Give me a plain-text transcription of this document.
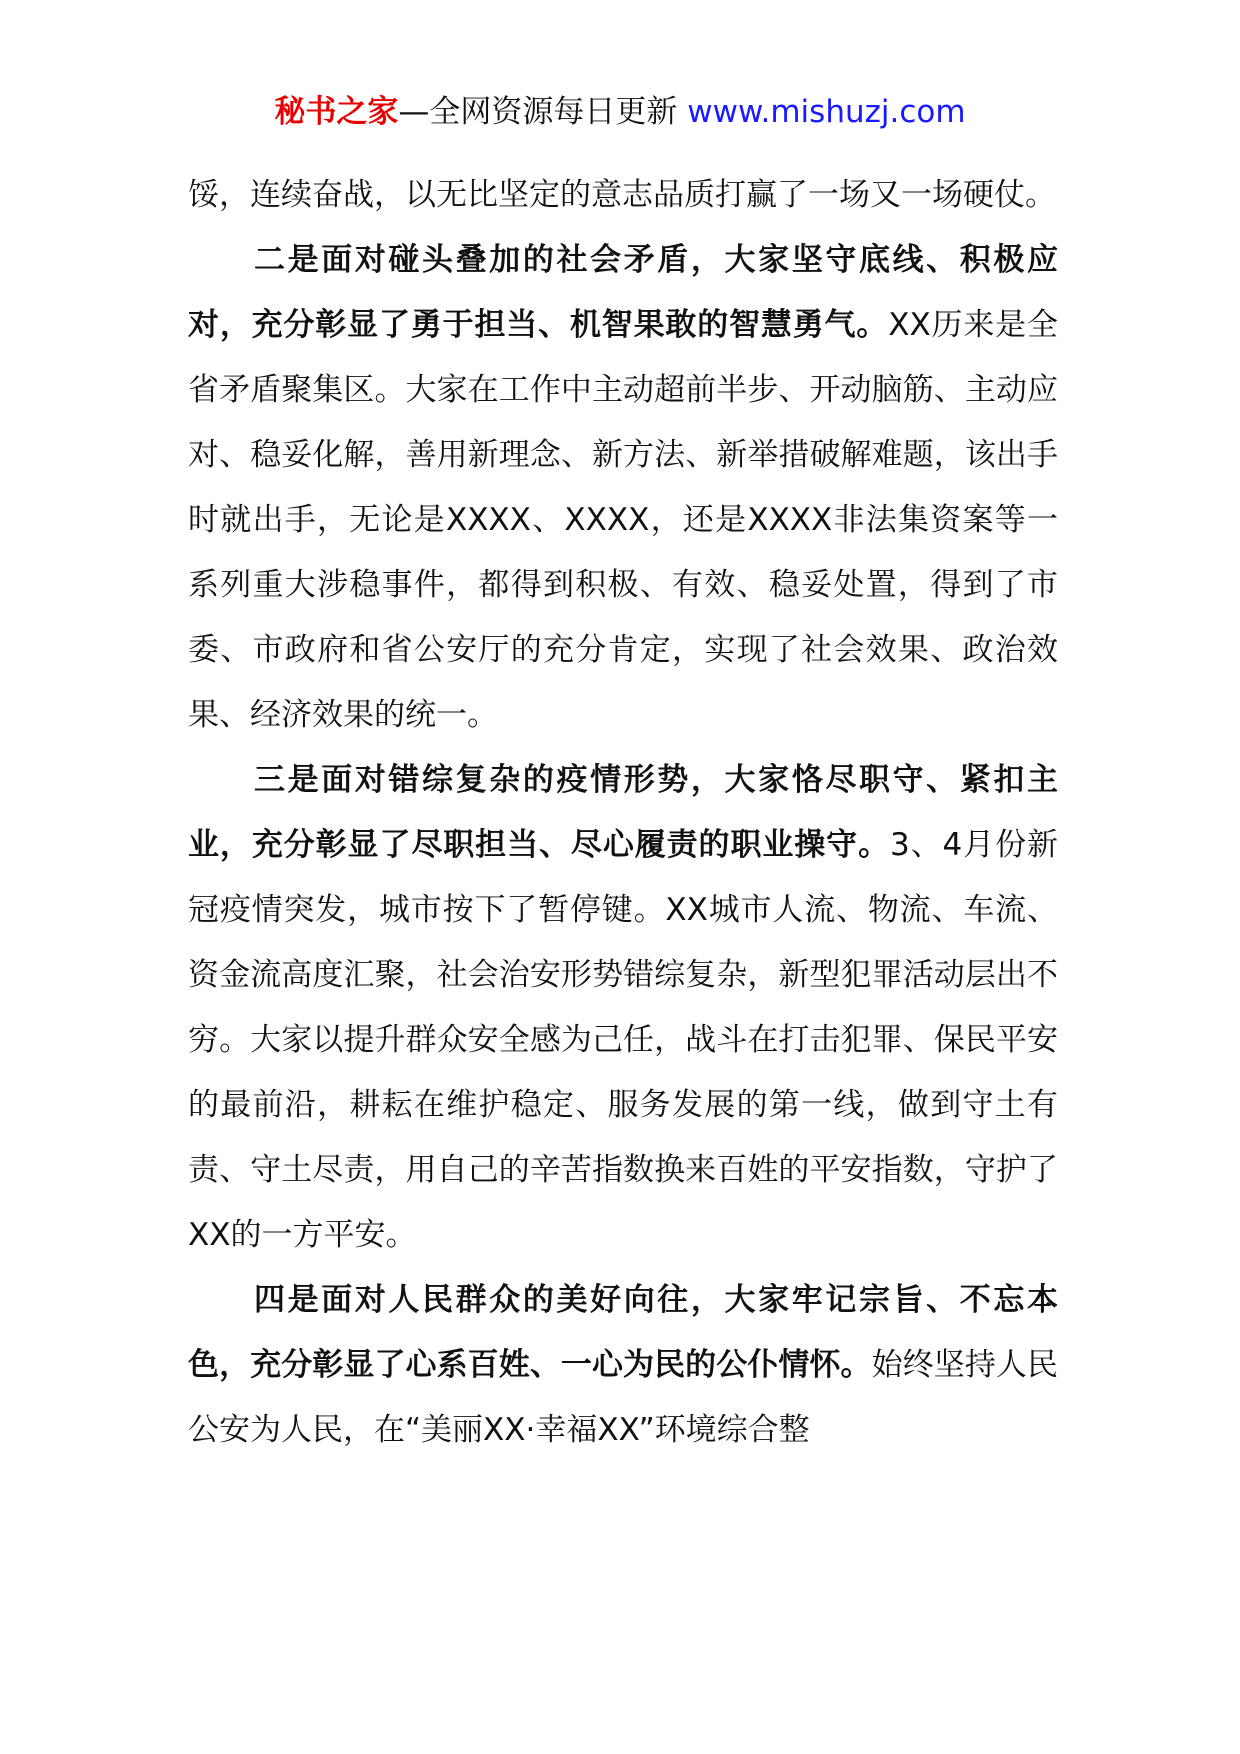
秘书之家—全网资源每日更新 www.mishuzj.com

馁，连续奋战，以无比坚定的意志品质打赢了一场又一场硬仗。

二是面对碰头叠加的社会矛盾，大家坚守底线、积极应对，充分彰显了勇于担当、机智果敢的智慧勇气。XX历来是全省矛盾聚集区。大家在工作中主动超前半步、开动脑筋、主动应对、稳妥化解，善用新理念、新方法、新举措破解难题，该出手时就出手，无论是XXXX、XXXX，还是XXXX非法集资案等一系列重大涉稳事件，都得到积极、有效、稳妥处置，得到了市委、市政府和省公安厅的充分肯定，实现了社会效果、政治效果、经济效果的统一。

三是面对错综复杂的疫情形势，大家恪尽职守、紧扣主业，充分彰显了尽职担当、尽心履责的职业操守。3、4月份新冠疫情突发，城市按下了暂停键。XX城市人流、物流、车流、资金流高度汇聚，社会治安形势错综复杂，新型犯罪活动层出不穷。大家以提升群众安全感为己任，战斗在打击犯罪、保民平安的最前沿，耕耘在维护稳定、服务发展的第一线，做到守土有责、守土尽责，用自己的辛苦指数换来百姓的平安指数，守护了XX的一方平安。

四是面对人民群众的美好向往，大家牢记宗旨、不忘本色，充分彰显了心系百姓、一心为民的公仆情怀。始终坚持人民公安为人民，在“美丽XX·幸福XX”环境综合整
